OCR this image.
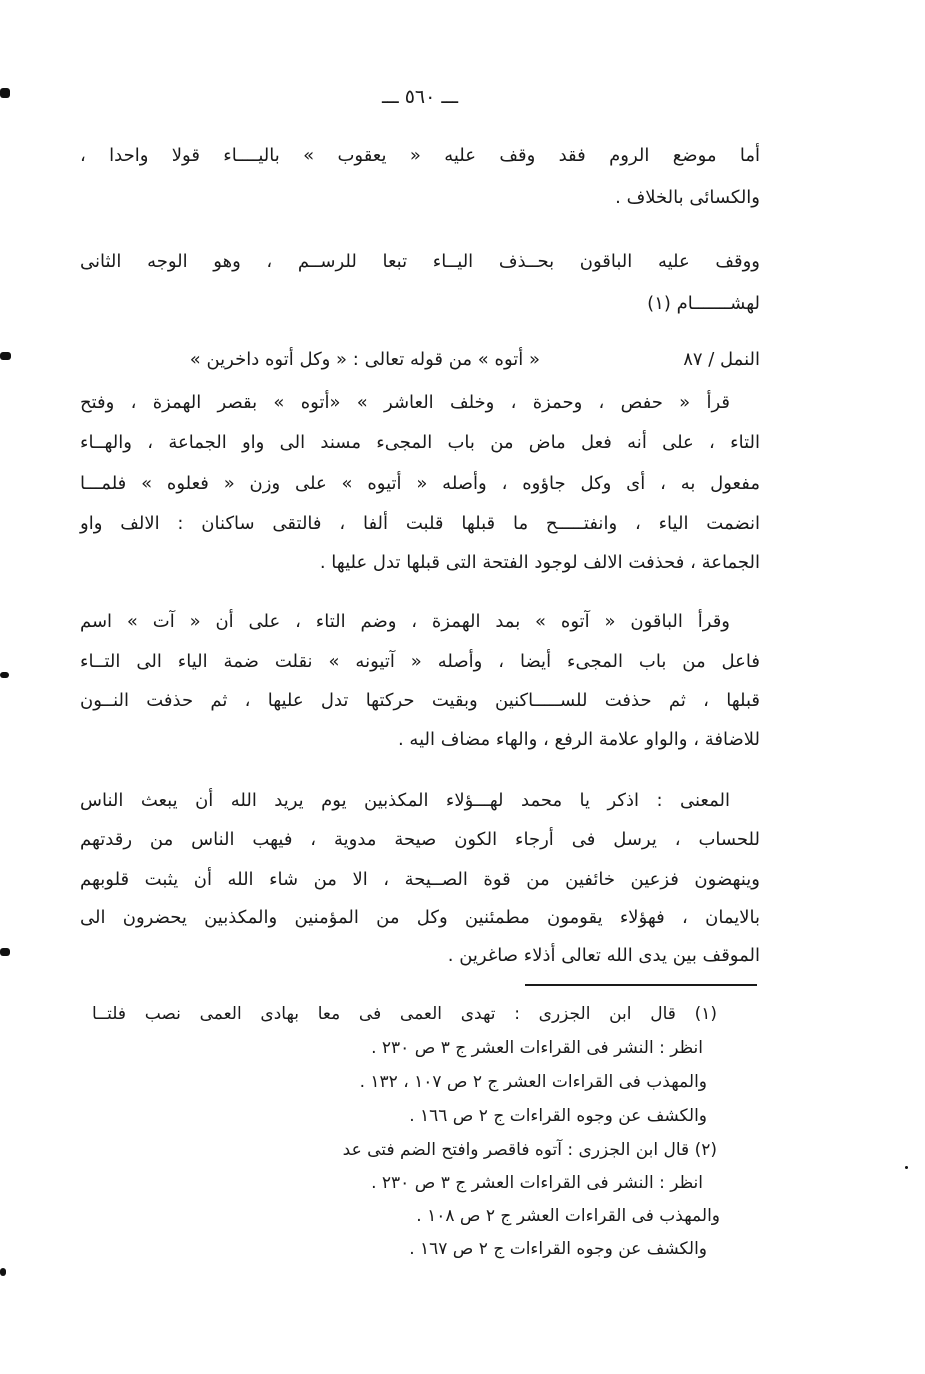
ـــ ٥٦٠ ـــ
أما موضع الروم فقد وقف عليه « يعقوب » باليــــاء قولا واحدا ،
والكسائى بالخلاف .
ووقف عليه الباقون بحــذف اليــاء تبعا للرســم ، وهو الوجه الثانى
لهشـــــــام (١)
« أتوه » من قوله تعالى : « وكل أتوه داخرين »	النمل / ٨٧
قرأ « حفص ، وحمزة ، وخلف العاشر » «أتوه » بقصر الهمزة ، وفتح
التاء ، على أنه فعل ماض من باب المجىء مسند الى واو الجماعة ، والهــاء
مفعول به ، أى وكل جاؤوه ، وأصله « أتيوه » على وزن « فعلوه » فلمـــا
انضمت الياء ، وانفتـــــح ما قبلها قلبت ألفا ، فالتقى ساكنان : الالف واو
الجماعة ، فحذفت الالف لوجود الفتحة التى قبلها تدل عليها .
وقرأ الباقون « آتوه » بمد الهمزة ، وضم التاء ، على أن « آت » اسم
فاعل من باب المجىء أيضا ، وأصله « آتيونه » نقلت ضمة الياء الى التــاء
قبلها ، ثم حذفت للســـــاكنين وبقيت حركتها تدل عليها ، ثم حذفت النــون
للاضافة ، والواو علامة الرفع ، والهاء مضاف اليه .
المعنى : اذكر يا محمد لهـــؤلاء المكذبين يوم يريد الله أن يبعث الناس
للحساب ، يرسل فى أرجاء الكون صيحة مدوية ، فيهب الناس من رقدتهم
وينهضون فزعين خائفين من قوة الصــيحة ، الا من شاء الله أن يثبت قلوبهم
بالايمان ، فهؤلاء يقومون مطمئنين وكل من المؤمنين والمكذبين يحضرون الى
الموقف بين يدى الله تعالى أذلاء صاغرين .
(١) قال ابن الجزرى : تهدى العمى فى معا بهادى العمى نصب فلتــا
انظر : النشر فى القراءات العشر ج ٣ ص ٢٣٠ .
والمهذب فى القراءات العشر ج ٢ ص ١٠٧ ، ١٣٢ .
والكشف عن وجوه القراءات ج ٢ ص ١٦٦ .
(٢) قال ابن الجزرى : آتوه فاقصر وافتح الضم فتى عد
انظر : النشر فى القراءات العشر ج ٣ ص ٢٣٠ .
والمهذب فى القراءات العشر ج ٢ ص ١٠٨ .
والكشف عن وجوه القراءات ج ٢ ص ١٦٧ .
